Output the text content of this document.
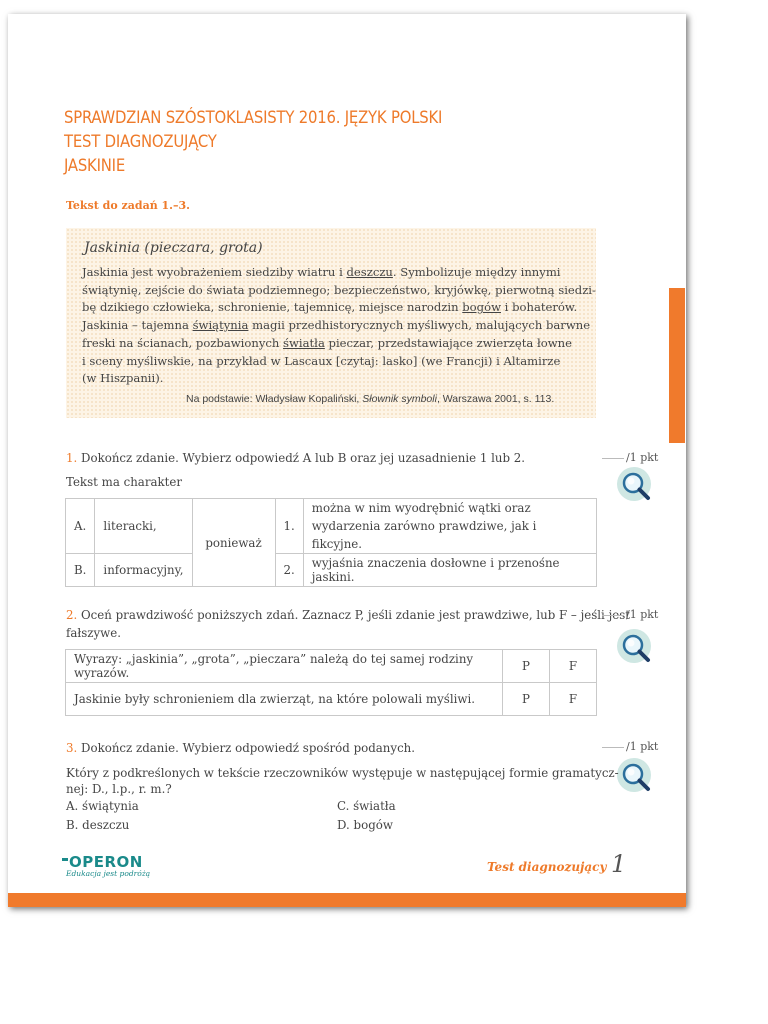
SPRAWDZIAN SZÓSTOKLASISTY 2016. JĘZYK POLSKI
TEST DIAGNOZUJĄCY
JASKINIE
Tekst do zadań 1.–3.
Jaskinia (pieczara, grota)

Jaskinia jest wyobrażeniem siedziby wiatru i deszczu. Symbolizuje między innymi

świątynię, zejście do świata podziemnego; bezpieczeństwo, kryjówkę, pierwotną siedzi-

bę dzikiego człowieka, schronienie, tajemnicę, miejsce narodzin bogów i bohaterów.

Jaskinia – tajemna świątynia magii przedhistorycznych myśliwych, malujących barwne

freski na ścianach, pozbawionych światła pieczar, przedstawiające zwierzęta łowne

i sceny myśliwskie, na przykład w Lascaux [czytaj: lasko] (we Francji) i Altamirze

(w Hiszpanii).

Na podstawie: Władysław Kopaliński, Słownik symboli, Warszawa 2001, s. 113.
1. Dokończ zdanie. Wybierz odpowiedź A lub B oraz jej uzasadnienie 1 lub 2.	/1 pkt
Tekst ma charakter
A.	literacki,	ponieważ	1.	można w nim wyodrębnić wątki oraz wydarzenia zarówno prawdziwe, jak i fikcyjne.
B.	informacyjny,		2.	wyjaśnia znaczenia dosłowne i przenośne jaskini.
2. Oceń prawdziwość poniższych zdań. Zaznacz P, jeśli zdanie jest prawdziwe, lub F – jeśli jest
fałszywe.
/1 pkt
Wyrazy: „jaskinia”, „grota”, „pieczara” należą do tej samej rodziny wyrazów.	P	F
Jaskinie były schronieniem dla zwierząt, na które polowali myśliwi.	P	F
3. Dokończ zdanie. Wybierz odpowiedź spośród podanych.	/1 pkt
Który z podkreślonych w tekście rzeczowników występuje w następującej formie gramatycz-
nej: D., l.p., r. m.?
A. świątynia	C. światła
B. deszczu	D. bogów
OPERON
Edukacja jest podróżą	Test diagnozujący 1
